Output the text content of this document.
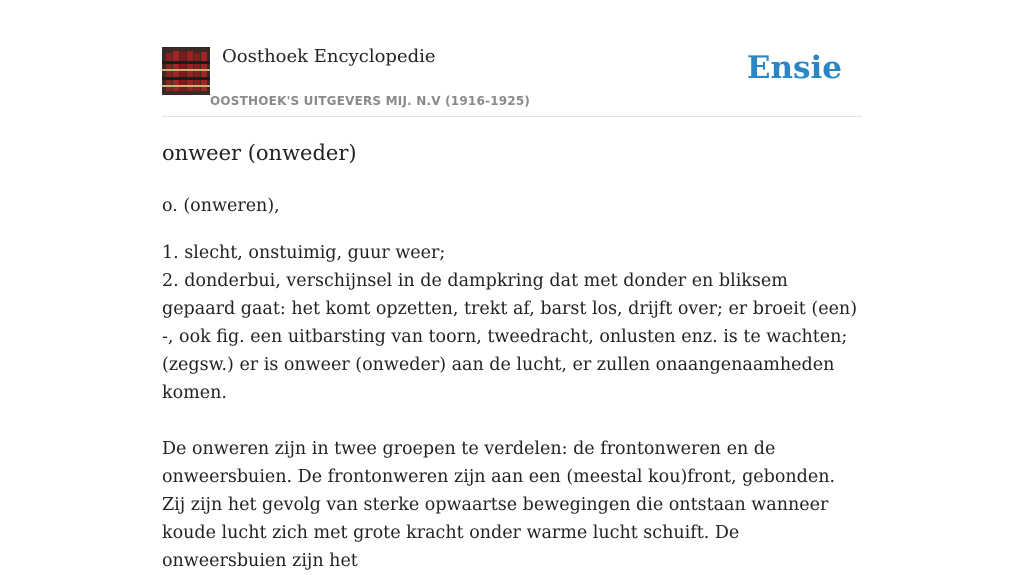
Oosthoek Encyclopedie
OOSTHOEK'S UITGEVERS MIJ. N.V (1916-1925)
Ensie
onweer (onweder)

o. (onweren),

1. slecht, onstuimig, guur weer;
2. donderbui, verschijnsel in de dampkring dat met donder en bliksem gepaard gaat: het komt opzetten, trekt af, barst los, drijft over; er broeit (een) -, ook fig. een uitbarsting van toorn, tweedracht, onlusten enz. is te wachten; (zegsw.) er is onweer (onweder) aan de lucht, er zullen onaangenaamheden komen.

De onweren zijn in twee groepen te verdelen: de frontonweren en de onweersbuien. De frontonweren zijn aan een (meestal kou)front, gebonden. Zij zijn het gevolg van sterke opwaartse bewegingen die ontstaan wanneer koude lucht zich met grote kracht onder warme lucht schuift. De onweersbuien zijn het
